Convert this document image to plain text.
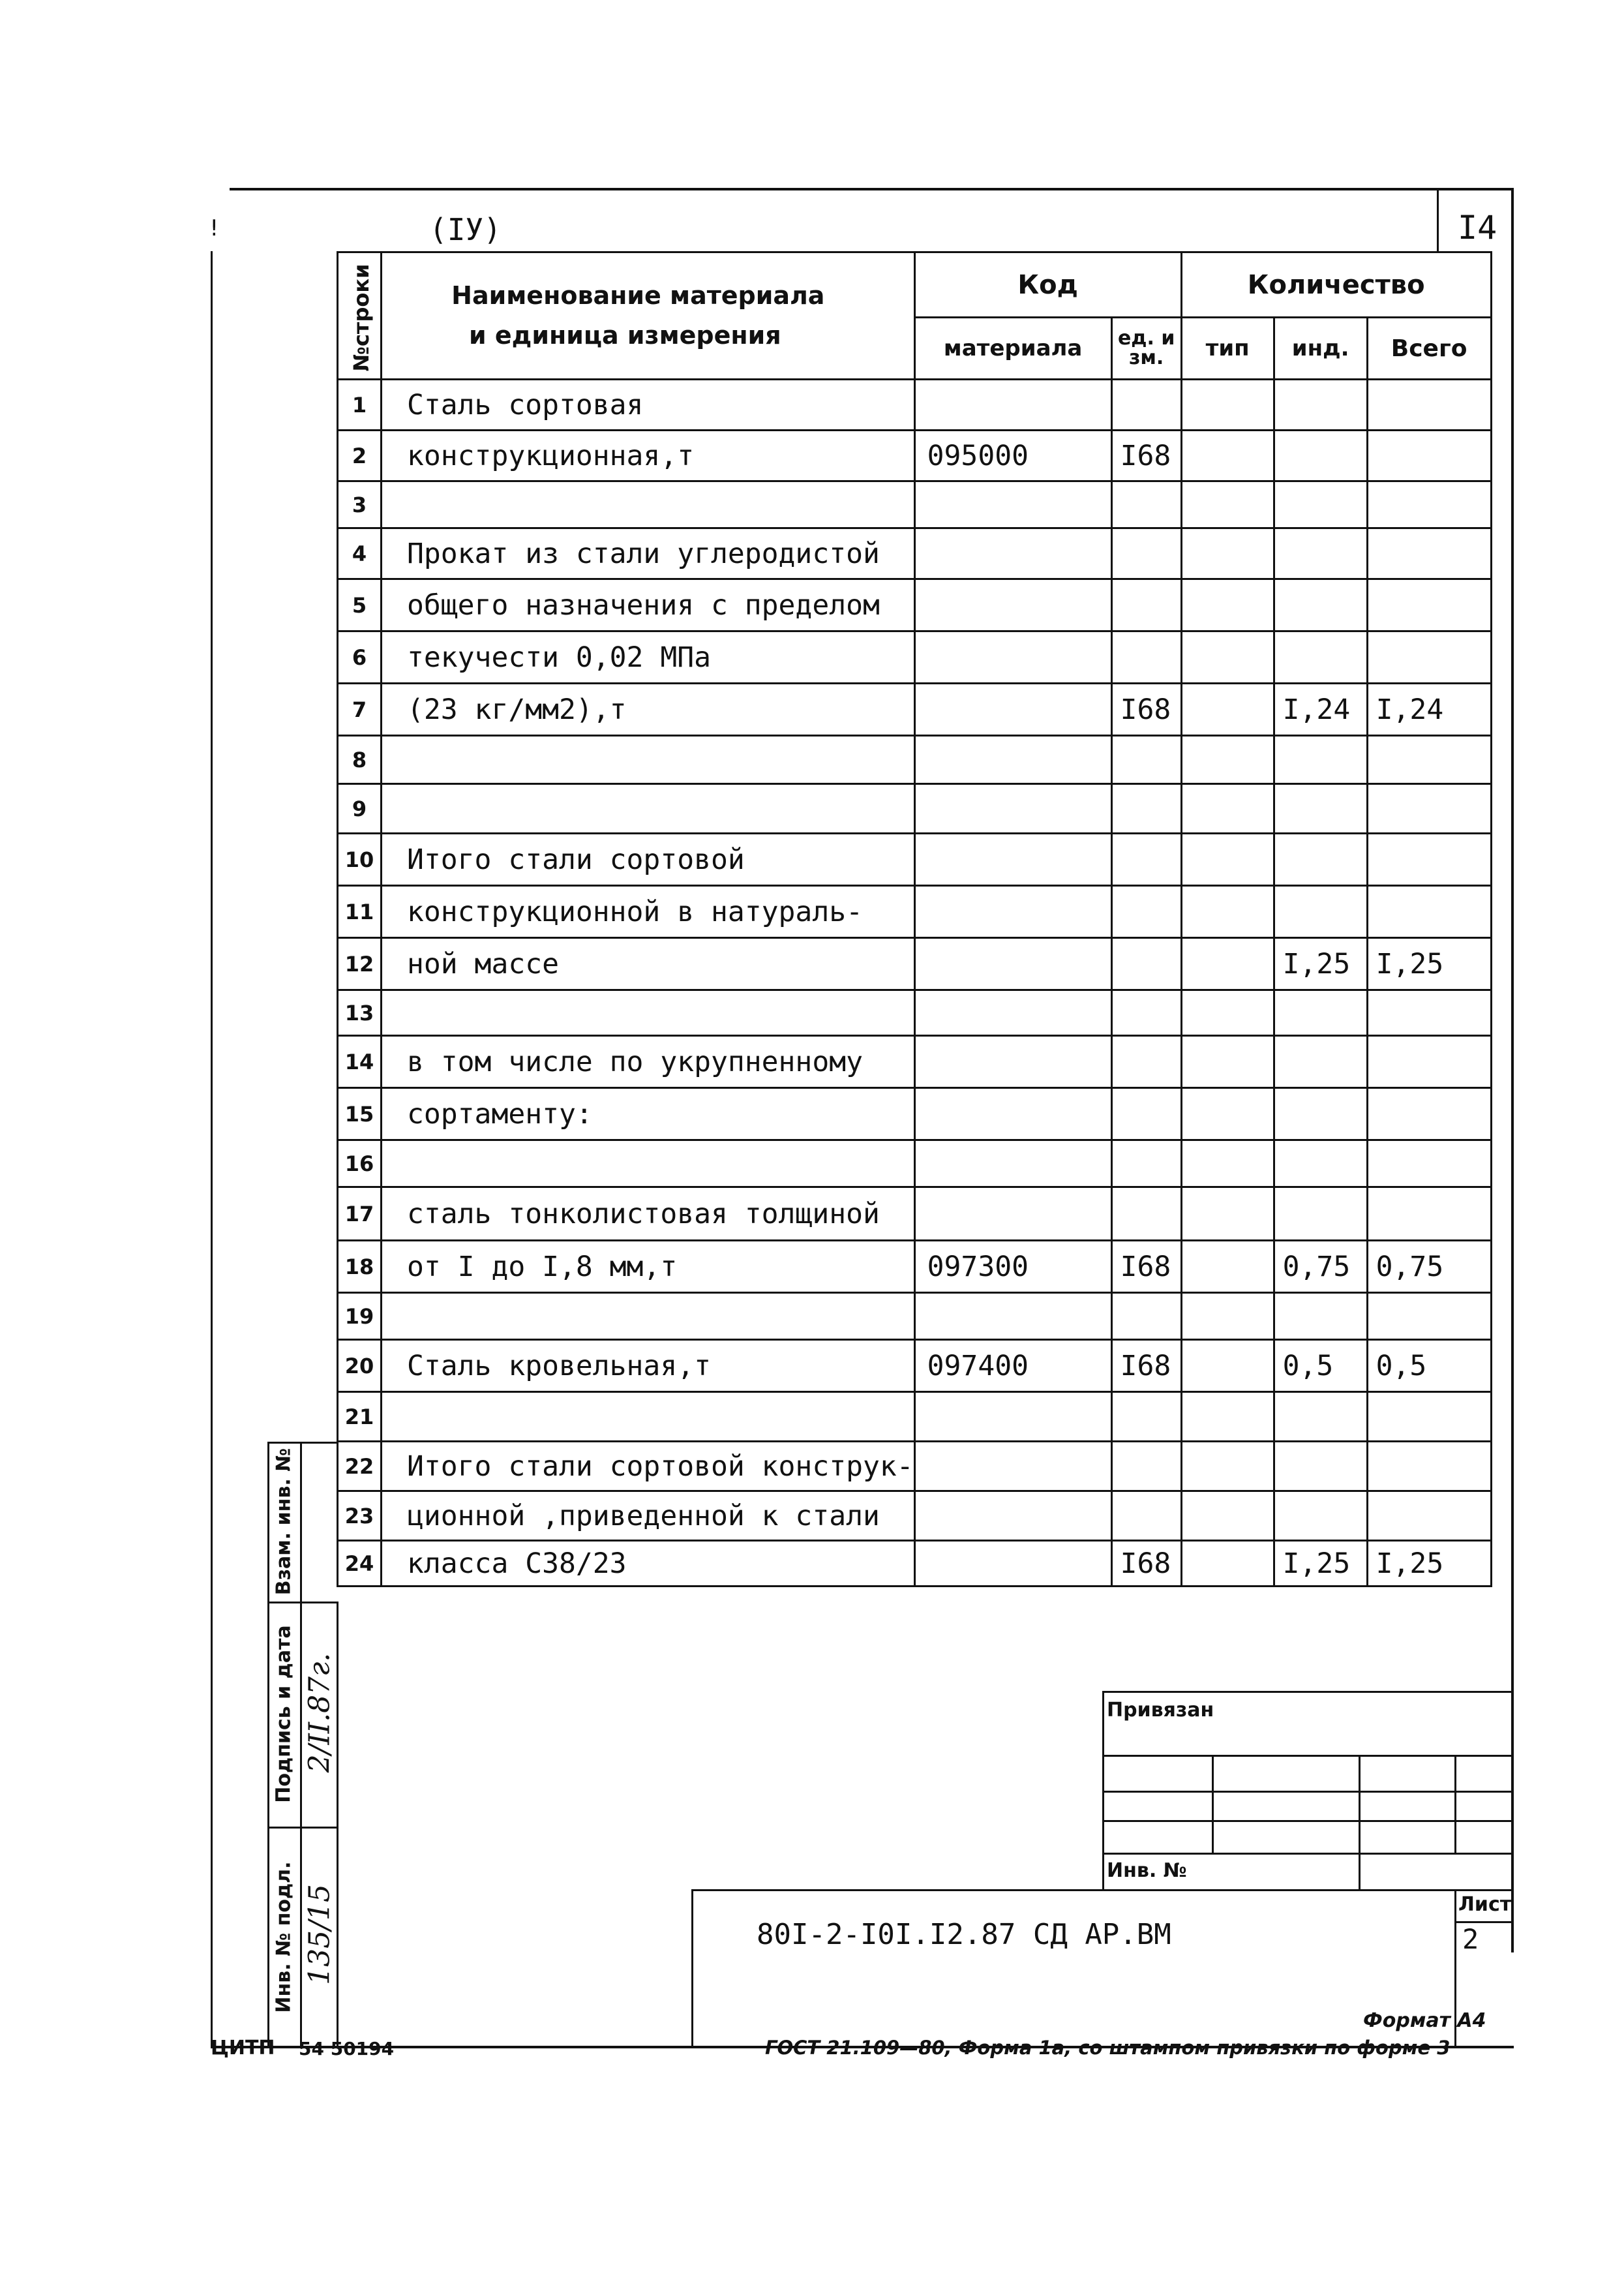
(IУ)	I4
!
№строки	Наименование материала
и единица измерения	Код		Количество		
		материала	ед. изм.	тип	инд.	Всего
1	Сталь сортовая					
2	конструкционная,т	095000	I68			
3						
4	Прокат из стали углеродистой					
5	общего назначения с пределом					
6	текучести 0,02 МПа					
7	(23 кг/мм2),т		I68		I,24	I,24
8						
9						
10	Итого стали сортовой					
11	конструкционной в натураль-					
12	ной массе				I,25	I,25
13						
14	в том числе по укрупненному					
15	сортаменту:					
16						
17	сталь тонколистовая толщиной					
18	от I до I,8 мм,т	097300	I68		0,75	0,75
19						
20	Сталь кровельная,т	097400	I68		0,5	0,5
21						
22	Итого стали сортовой конструк-					
23	ционной ,приведенной к стали					
24	класса С38/23		I68		I,25	I,25
Привязан
Инв. №
80I-2-I0I.I2.87 СД АР.ВМ
Лист
2
Взам. инв. №
Подпись и дата
Инв. № подл.
2/II.87г.
135/15
Формат А4
ЦИТП 54 50194	ГОСТ 21.109—80, Форма 1а, со штампом привязки по форме 3
